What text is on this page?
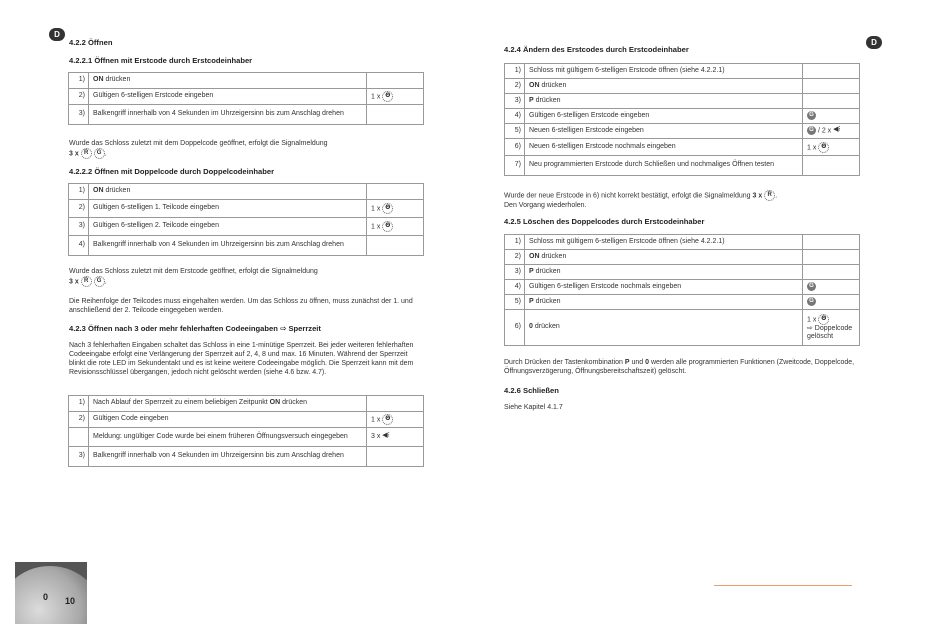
D
4.2.2 Öffnen
4.2.2.1 Öffnen mit Erstcode durch Erstcodeinhaber
1)	ON drücken	
2)	Gültigen 6-stelligen Erstcode eingeben	1 x Ꙩ
3)	Balkengriff innerhalb von 4 Sekunden im Uhrzeigersinn bis zum Anschlag drehen	
Wurde das Schloss zuletzt mit dem Doppelcode geöffnet, erfolgt die Signalmeldung
3 x R G .
4.2.2.2 Öffnen mit Doppelcode durch Doppelcodeinhaber
1)	ON drücken	
2)	Gültigen 6-stelligen 1. Teilcode eingeben	1 x Ꙩ
3)	Gültigen 6-stelligen 2. Teilcode eingeben	1 x Ꙩ
4)	Balkengriff innerhalb von 4 Sekunden im Uhrzeigersinn bis zum Anschlag drehen	
Wurde das Schloss zuletzt mit dem Erstcode geöffnet, erfolgt die Signalmeldung
3 x R G .
Die Reihenfolge der Teilcodes muss eingehalten werden. Um das Schloss zu öffnen, muss zunächst der 1. und anschließend der 2. Teilcode eingegeben werden.
4.2.3 Öffnen nach 3 oder mehr fehlerhaften Codeeingaben ⇨ Sperrzeit
Nach 3 fehlerhaften Eingaben schaltet das Schloss in eine 1-minütige Sperrzeit. Bei jeder weiteren fehlerhaften Codeeingabe erfolgt eine Verlängerung der Sperrzeit auf 2, 4, 8 und max. 16 Minuten. Während der Sperrzeit blinkt die rote LED im Sekundentakt und es ist keine weitere Codeeingabe möglich. Die Sperrzeit kann mit dem Revisionsschlüssel übergangen, jedoch nicht gelöscht werden (siehe 4.6 bzw. 4.7).
1)	Nach Ablauf der Sperrzeit zu einem beliebigen Zeitpunkt ON drücken	
2)	Gültigen Code eingeben	1 x Ꙩ
	Meldung: ungültiger Code wurde bei einem früheren Öffnungsversuch eingegeben	3 x ◀⁝
3)	Balkengriff innerhalb von 4 Sekunden im Uhrzeigersinn bis zum Anschlag drehen	
0 10
D
4.2.4 Ändern des Erstcodes durch Erstcodeinhaber
1)	Schloss mit gültigem 6-stelligen Erstcode öffnen (siehe 4.2.2.1)	
2)	ON drücken	
3)	P drücken	
4)	Gültigen 6-stelligen Erstcode eingeben	G
5)	Neuen 6-stelligen Erstcode eingeben	G / 2 x ◀⁝
6)	Neuen 6-stelligen Erstcode nochmals eingeben	1 x Ꙩ
7)	Neu programmierten Erstcode durch Schließen und nochmaliges Öffnen testen	
Wurde der neue Erstcode in 6) nicht korrekt bestätigt, erfolgt die Signalmeldung 3 x R .
Den Vorgang wiederholen.
4.2.5 Löschen des Doppelcodes durch Erstcodeinhaber
1)	Schloss mit gültigem 6-stelligen Erstcode öffnen (siehe 4.2.2.1)	
2)	ON drücken	
3)	P drücken	
4)	Gültigen 6-stelligen Erstcode nochmals eingeben	G
5)	P drücken	G
6)	0 drücken	1 x Ꙩ
⇨ Doppelcode gelöscht
Durch Drücken der Tastenkombination P und 0 werden alle programmierten Funktionen (Zweitcode, Doppelcode, Öffnungsverzögerung, Öffnungsbereitschaftszeit) gelöscht.
4.2.6 Schließen
Siehe Kapitel 4.1.7
